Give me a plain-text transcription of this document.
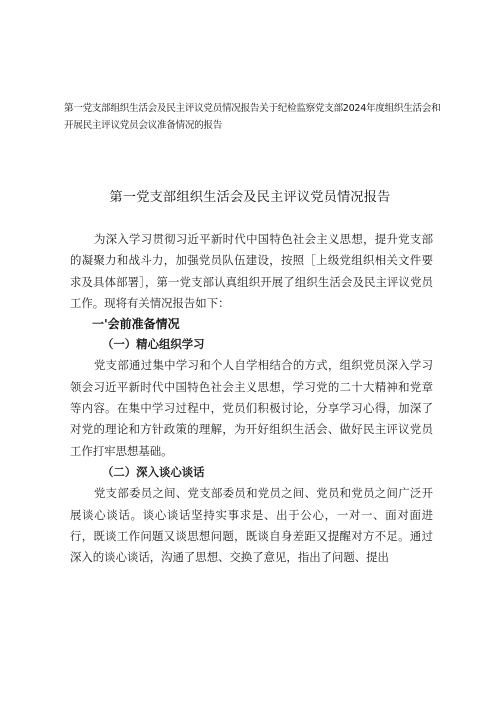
第一党支部组织生活会及民主评议党员情况报告关于纪检监察党支部2024年度组织生活会和开展民主评议党员会议准备情况的报告
第一党支部组织生活会及民主评议党员情况报告

为深入学习贯彻习近平新时代中国特色社会主义思想，提升党支部的凝聚力和战斗力，加强党员队伍建设，按照［上级党组织相关文件要求及具体部署］，第一党支部认真组织开展了组织生活会及民主评议党员工作。现将有关情况报告如下：

一'会前准备情况
（一）精心组织学习

党支部通过集中学习和个人自学相结合的方式，组织党员深入学习领会习近平新时代中国特色社会主义思想，学习党的二十大精神和党章等内容。在集中学习过程中，党员们积极讨论，分享学习心得，加深了对党的理论和方针政策的理解，为开好组织生活会、做好民主评议党员工作打牢思想基础。

（二）深入谈心谈话

党支部委员之间、党支部委员和党员之间、党员和党员之间广泛开展谈心谈话。谈心谈话坚持实事求是、出于公心，一对一、面对面进行，既谈工作问题又谈思想问题，既谈自身差距又提醒对方不足。通过深入的谈心谈话，沟通了思想、交换了意见，指出了问题、提出
